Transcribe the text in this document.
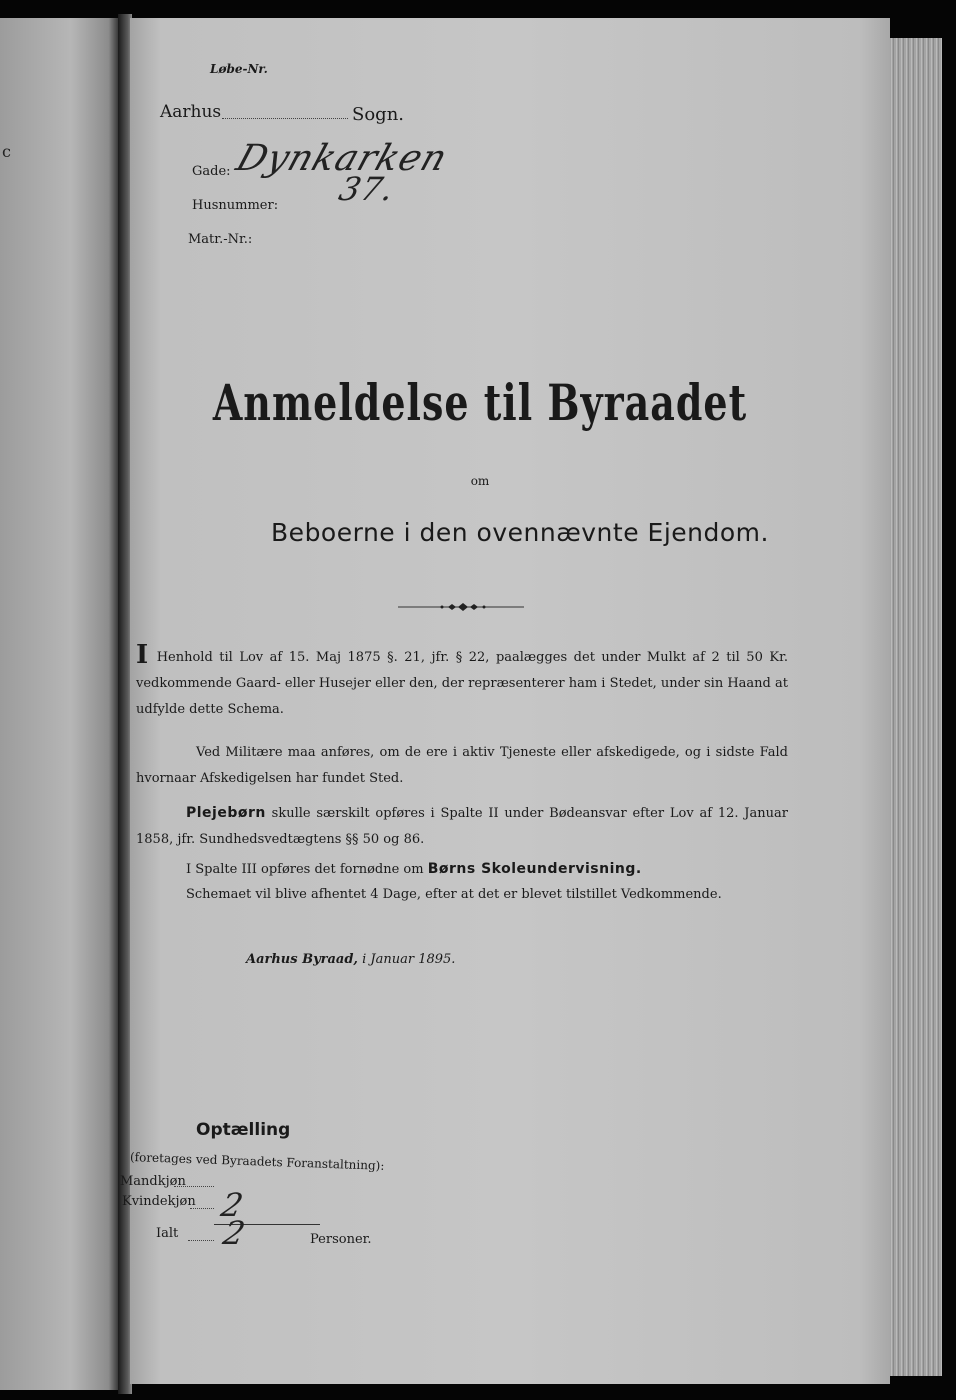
c
Løbe-Nr.
Aarhus	Sogn.
Gade: Dynkarken
Husnummer: 37.
Matr.-Nr.:
Anmeldelse til Byraadet
om
Beboerne i den ovennævnte Ejendom.
I Henhold til Lov af 15. Maj 1875 §. 21, jfr. § 22, paalægges det under Mulkt af 2 til 50 Kr. vedkommende Gaard- eller Husejer eller den, der repræsenterer ham i Stedet, under sin Haand at udfylde dette Schema.
Ved Militære maa anføres, om de ere i aktiv Tjeneste eller afskedigede, og i sidste Fald hvornaar Afskedigelsen har fundet Sted.
Plejebørn skulle særskilt opføres i Spalte II under Bødeansvar efter Lov af 12. Januar 1858, jfr. Sundhedsvedtægtens §§ 50 og 86.
I Spalte III opføres det fornødne om Børns Skoleundervisning.
Schemaet vil blive afhentet 4 Dage, efter at det er blevet tilstillet Vedkommende.
Aarhus Byraad, i Januar 1895.
Optælling
(foretages ved Byraadets Foranstaltning):
Mandkjøn
Kvindekjøn 2
Ialt 2	Personer.
